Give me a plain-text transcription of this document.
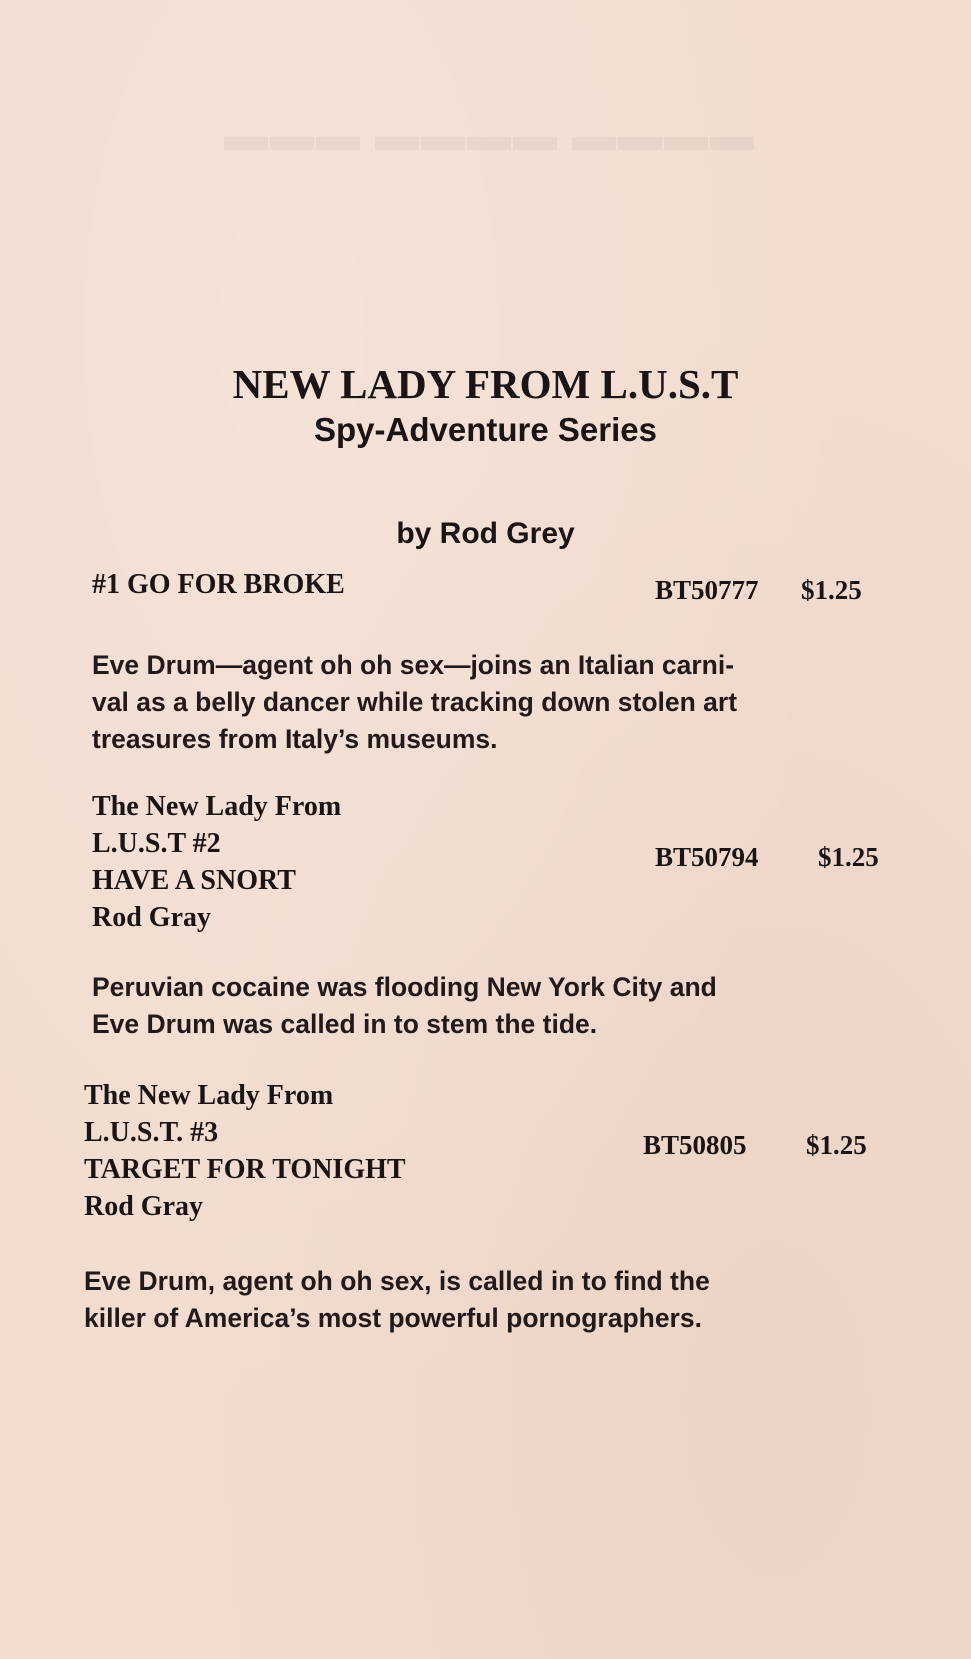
▬▬▬ ▬▬▬▬ ▬▬▬▬
NEW LADY FROM L.U.S.T
Spy-Adventure Series

by Rod Grey

#1 GO FOR BROKE	BT50777 $1.25
Eve Drum—agent oh oh sex—joins an Italian carni-
val as a belly dancer while tracking down stolen art
treasures from Italy’s museums.
The New Lady From
L.U.S.T #2
HAVE A SNORT
Rod Gray
BT50794 $1.25
Peruvian cocaine was flooding New York City and
Eve Drum was called in to stem the tide.
The New Lady From
L.U.S.T. #3
TARGET FOR TONIGHT
Rod Gray
BT50805 $1.25
Eve Drum, agent oh oh sex, is called in to find the
killer of America’s most powerful pornographers.
